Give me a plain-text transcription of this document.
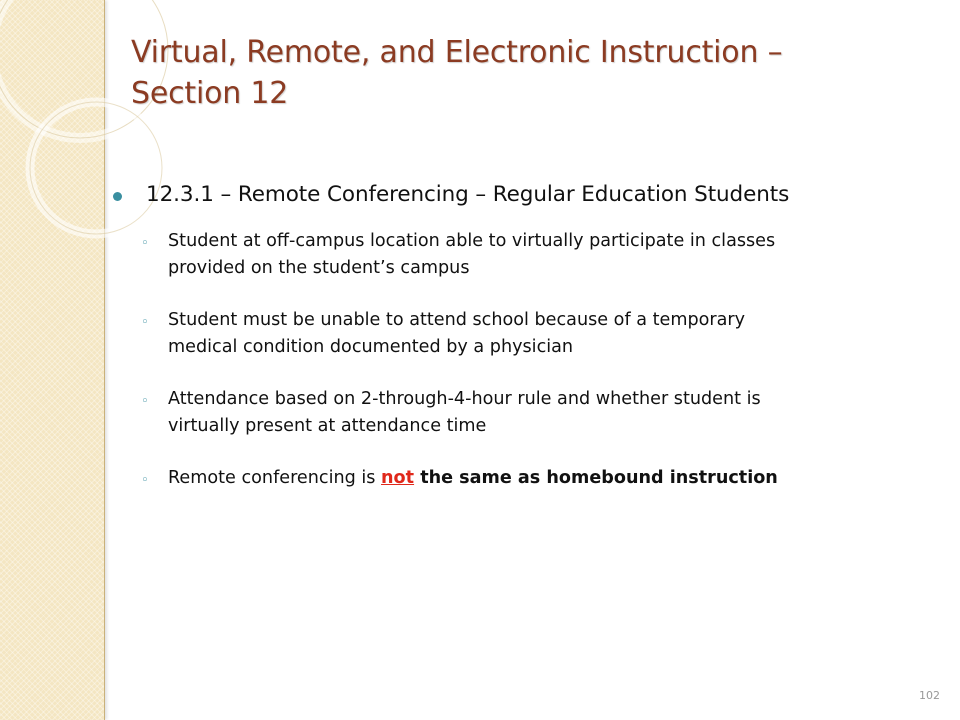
Virtual, Remote, and Electronic Instruction –
Section 12
12.3.1 – Remote Conferencing – Regular Education Students
◦ Student at off-campus location able to virtually participate in classes
provided on the student’s campus
◦ Student must be unable to attend school because of a temporary
medical condition documented by a physician
◦ Attendance based on 2-through-4-hour rule and whether student is
virtually present at attendance time
◦ Remote conferencing is not the same as homebound instruction
102
